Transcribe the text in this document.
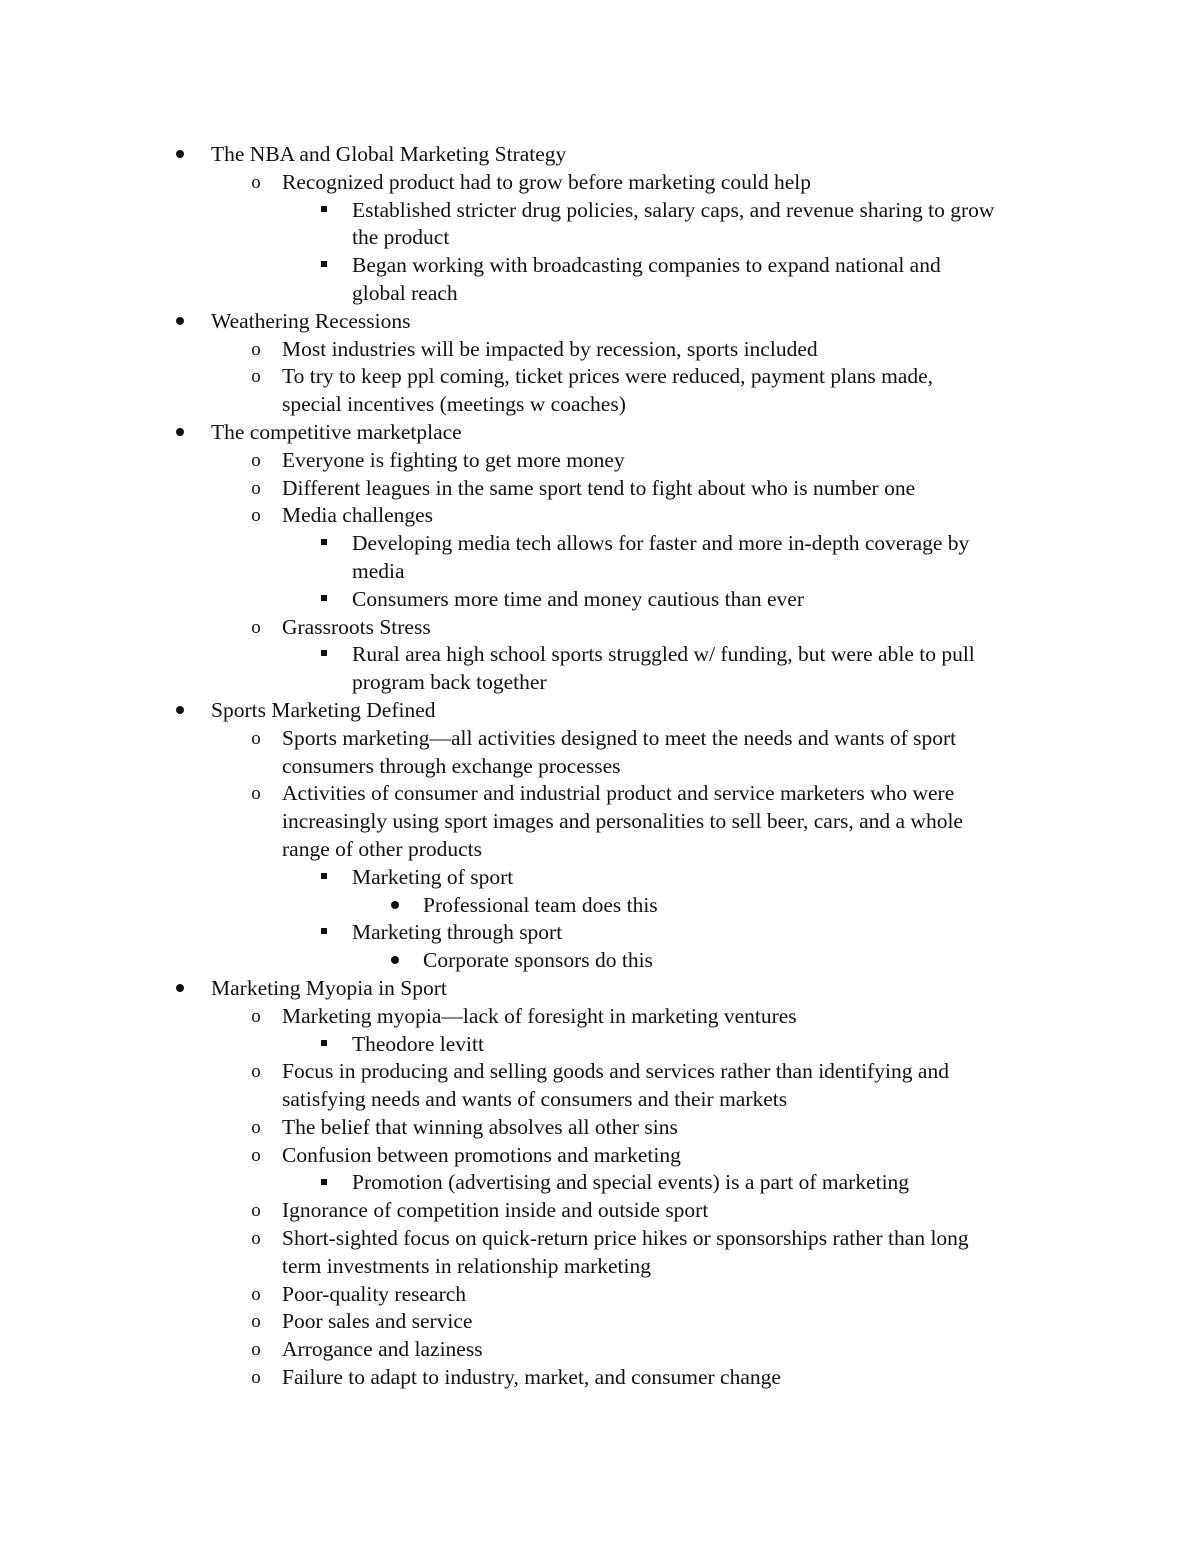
The NBA and Global Marketing Strategy
o Recognized product had to grow before marketing could help
Established stricter drug policies, salary caps, and revenue sharing to grow
the product
Began working with broadcasting companies to expand national and
global reach
Weathering Recessions
o Most industries will be impacted by recession, sports included
o To try to keep ppl coming, ticket prices were reduced, payment plans made,
special incentives (meetings w coaches)
The competitive marketplace
o Everyone is fighting to get more money
o Different leagues in the same sport tend to fight about who is number one
o Media challenges
Developing media tech allows for faster and more in-depth coverage by
media
Consumers more time and money cautious than ever
o Grassroots Stress
Rural area high school sports struggled w/ funding, but were able to pull
program back together
Sports Marketing Defined
o Sports marketing—all activities designed to meet the needs and wants of sport
consumers through exchange processes
o Activities of consumer and industrial product and service marketers who were
increasingly using sport images and personalities to sell beer, cars, and a whole
range of other products
Marketing of sport
Professional team does this
Marketing through sport
Corporate sponsors do this
Marketing Myopia in Sport
o Marketing myopia—lack of foresight in marketing ventures
Theodore levitt
o Focus in producing and selling goods and services rather than identifying and
satisfying needs and wants of consumers and their markets
o The belief that winning absolves all other sins
o Confusion between promotions and marketing
Promotion (advertising and special events) is a part of marketing
o Ignorance of competition inside and outside sport
o Short-sighted focus on quick-return price hikes or sponsorships rather than long
term investments in relationship marketing
o Poor-quality research
o Poor sales and service
o Arrogance and laziness
o Failure to adapt to industry, market, and consumer change
